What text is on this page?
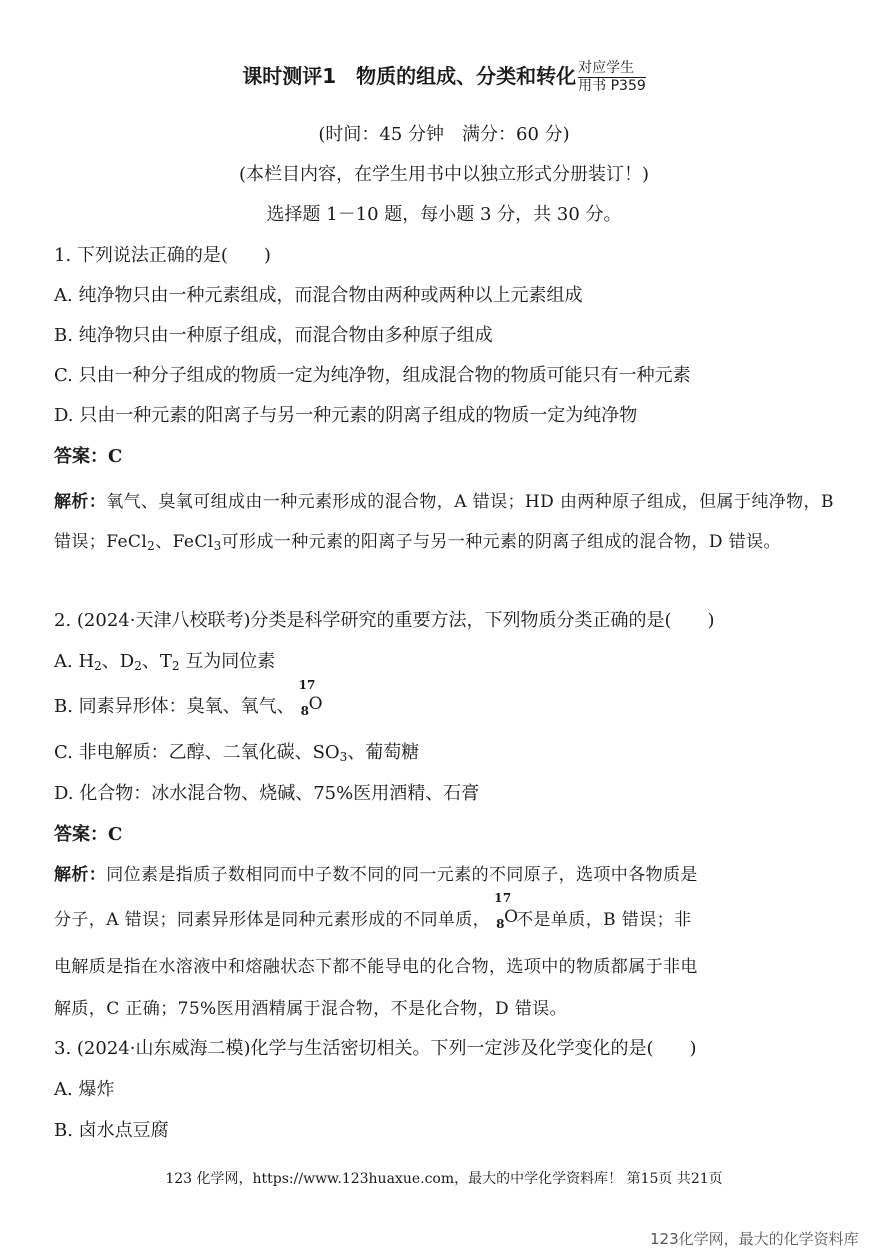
课时测评1　物质的组成、分类和转化 对应学生
用书 P359
(时间：45 分钟　满分：60 分)
(本栏目内容，在学生用书中以独立形式分册装订！)
选择题 1－10 题，每小题 3 分，共 30 分。
1. 下列说法正确的是(　　)
A. 纯净物只由一种元素组成，而混合物由两种或两种以上元素组成
B. 纯净物只由一种原子组成，而混合物由多种原子组成
C. 只由一种分子组成的物质一定为纯净物，组成混合物的物质可能只有一种元素
D. 只由一种元素的阳离子与另一种元素的阴离子组成的物质一定为纯净物
答案：C
解析：氧气、臭氧可组成由一种元素形成的混合物，A 错误；HD 由两种原子组成，但属于纯净物，B 错误；FeCl$_2$、FeCl$_3$可形成一种元素的阳离子与另一种元素的阴离子组成的混合物，D 错误。
2. (2024·天津八校联考)分类是科学研究的重要方法，下列物质分类正确的是(　　)
A. $H_2$、$D_2$、$T_2$ 互为同位素
B. 同素异形体：臭氧、氧气、
17
8 O
C. 非电解质：乙醇、二氧化碳、$SO_3$、葡萄糖
D. 化合物：冰水混合物、烧碱、75%医用酒精、石膏
答案：C
解析：同位素是指质子数相同而中子数不同的同一元素的不同原子，选项中各物质是
分子，A 错误；同素异形体是同种元素形成的不同单质，
17
8 O
不是单质，B 错误；非
电解质是指在水溶液中和熔融状态下都不能导电的化合物，选项中的物质都属于非电
解质，C 正确；75%医用酒精属于混合物，不是化合物，D 错误。
3. (2024·山东威海二模)化学与生活密切相关。下列一定涉及化学变化的是(　　)
A. 爆炸
B. 卤水点豆腐
123 化学网，https://www.123huaxue.com，最大的中学化学资料库！ 第15页 共21页
123化学网，最大的化学资料库
